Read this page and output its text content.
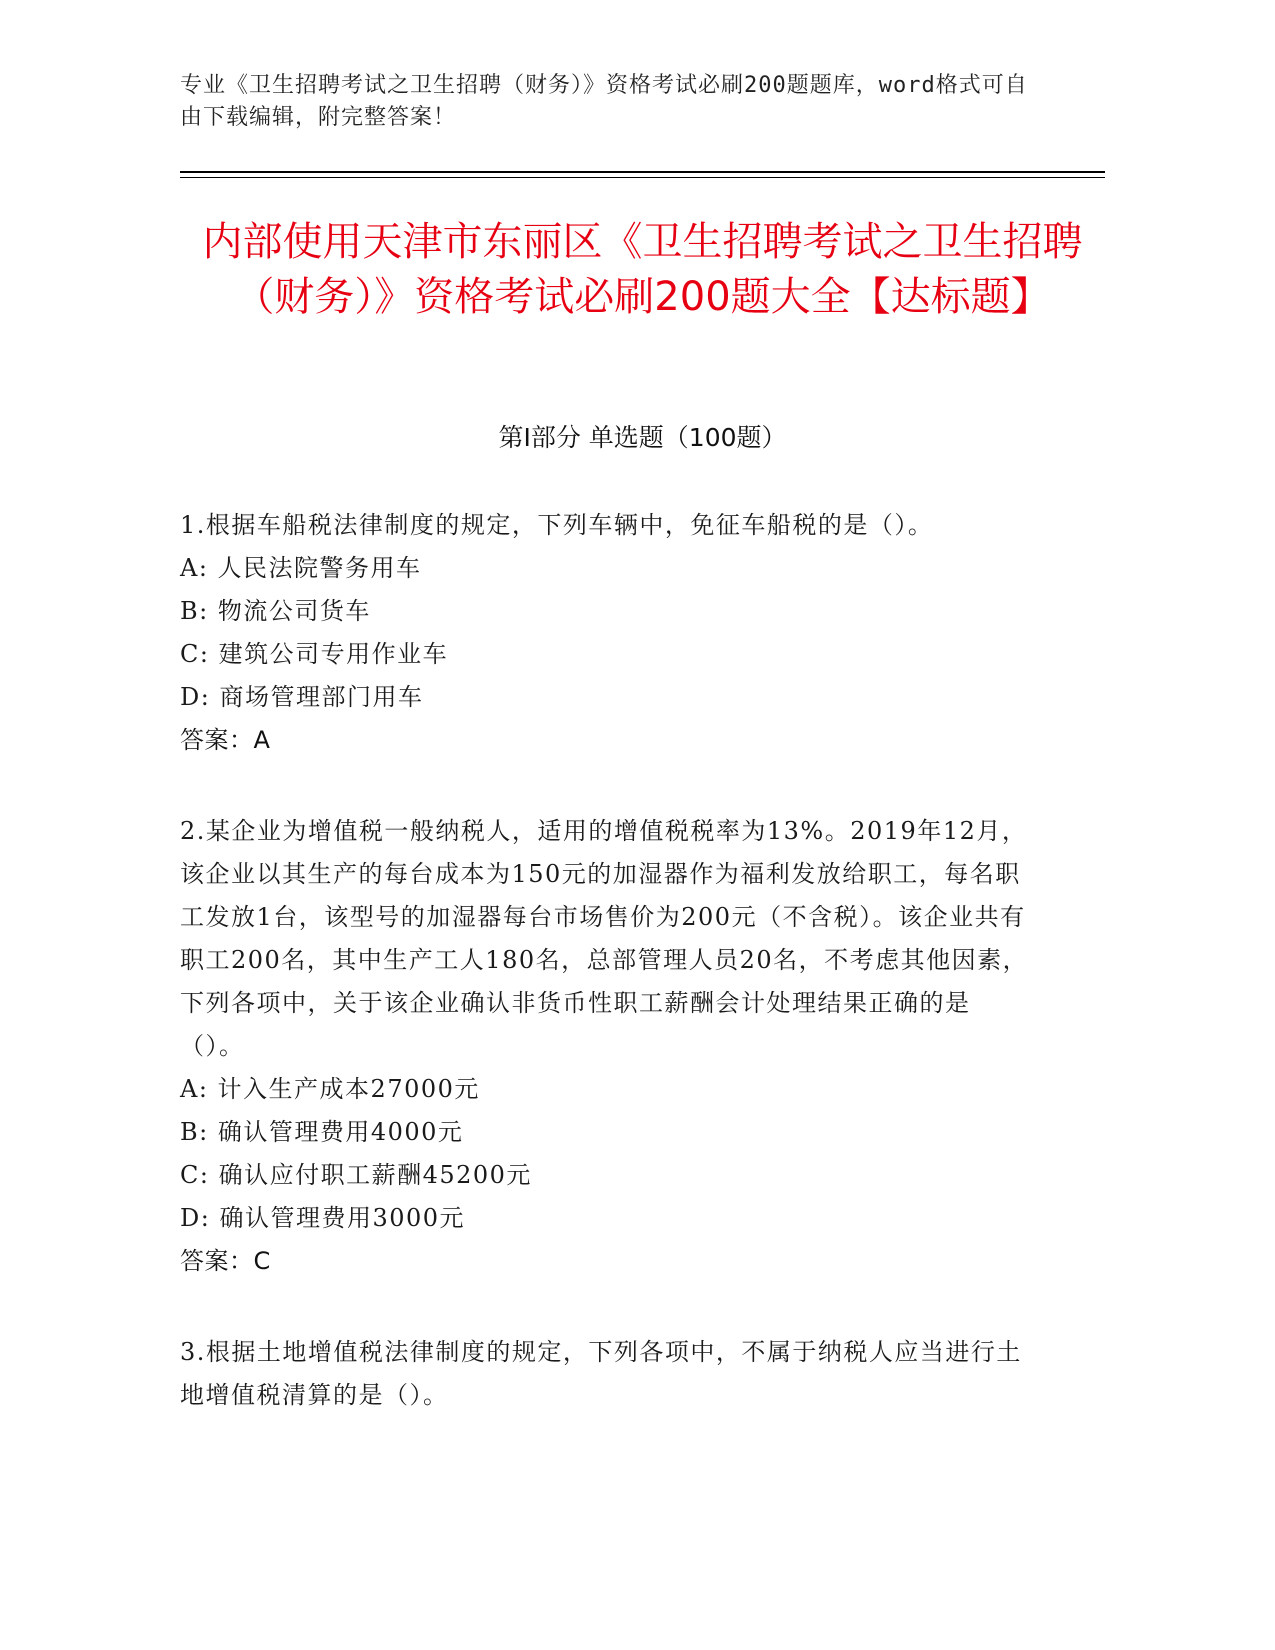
专业《卫生招聘考试之卫生招聘（财务）》资格考试必刷200题题库，word格式可自由下载编辑，附完整答案！
内部使用天津市东丽区《卫生招聘考试之卫生招聘（财务）》资格考试必刷200题大全【达标题】
第I部分 单选题（100题）

1.根据车船税法律制度的规定，下列车辆中，免征车船税的是（）。

A: 人民法院警务用车

B: 物流公司货车

C: 建筑公司专用作业车

D: 商场管理部门用车

答案：A

2.某企业为增值税一般纳税人，适用的增值税税率为13%。2019年12月，该企业以其生产的每台成本为150元的加湿器作为福利发放给职工，每名职工发放1台，该型号的加湿器每台市场售价为200元（不含税）。该企业共有职工200名，其中生产工人180名，总部管理人员20名，不考虑其他因素，下列各项中，关于该企业确认非货币性职工薪酬会计处理结果正确的是（）。

A: 计入生产成本27000元

B: 确认管理费用4000元

C: 确认应付职工薪酬45200元

D: 确认管理费用3000元

答案：C

3.根据土地增值税法律制度的规定，下列各项中，不属于纳税人应当进行土地增值税清算的是（）。
